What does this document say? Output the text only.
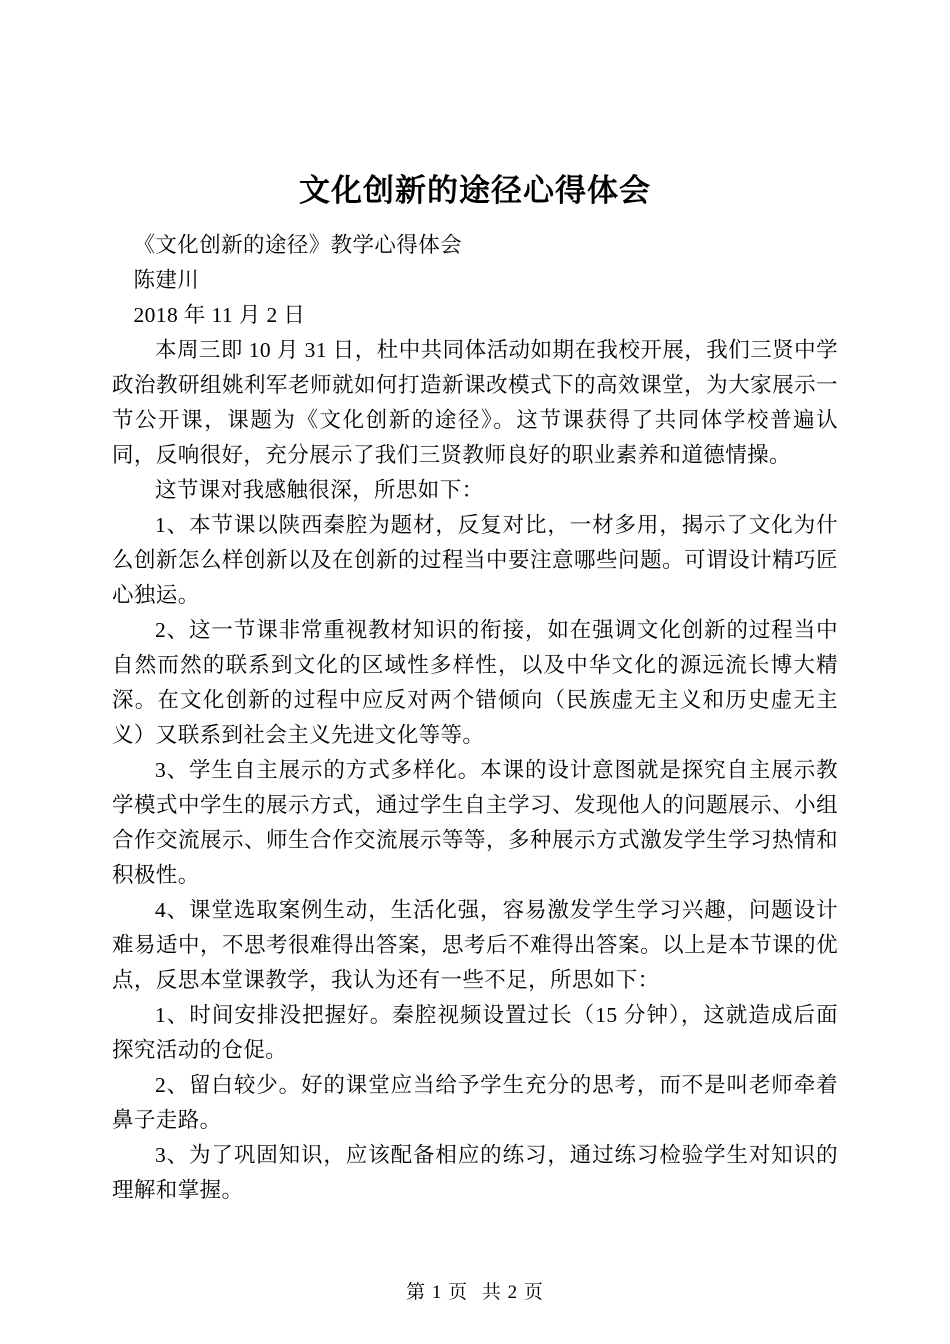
文化创新的途径心得体会

《文化创新的途径》教学心得体会

陈建川

2018 年 11 月 2 日

本周三即 10 月 31 日，杜中共同体活动如期在我校开展，我们三贤中学政治教研组姚利军老师就如何打造新课改模式下的高效课堂，为大家展示一节公开课，课题为《文化创新的途径》。这节课获得了共同体学校普遍认同，反响很好，充分展示了我们三贤教师良好的职业素养和道德情操。

这节课对我感触很深，所思如下：

1、本节课以陕西秦腔为题材，反复对比，一材多用，揭示了文化为什么创新怎么样创新以及在创新的过程当中要注意哪些问题。可谓设计精巧匠心独运。

2、这一节课非常重视教材知识的衔接，如在强调文化创新的过程当中自然而然的联系到文化的区域性多样性，以及中华文化的源远流长博大精深。在文化创新的过程中应反对两个错倾向（民族虚无主义和历史虚无主义）又联系到社会主义先进文化等等。

3、学生自主展示的方式多样化。本课的设计意图就是探究自主展示教学模式中学生的展示方式，通过学生自主学习、发现他人的问题展示、小组合作交流展示、师生合作交流展示等等，多种展示方式激发学生学习热情和积极性。

4、课堂选取案例生动，生活化强，容易激发学生学习兴趣，问题设计难易适中，不思考很难得出答案，思考后不难得出答案。以上是本节课的优点，反思本堂课教学，我认为还有一些不足，所思如下：

1、时间安排没把握好。秦腔视频设置过长（15 分钟），这就造成后面探究活动的仓促。

2、留白较少。好的课堂应当给予学生充分的思考，而不是叫老师牵着鼻子走路。

3、为了巩固知识，应该配备相应的练习，通过练习检验学生对知识的理解和掌握。

第 1 页 共 2 页
